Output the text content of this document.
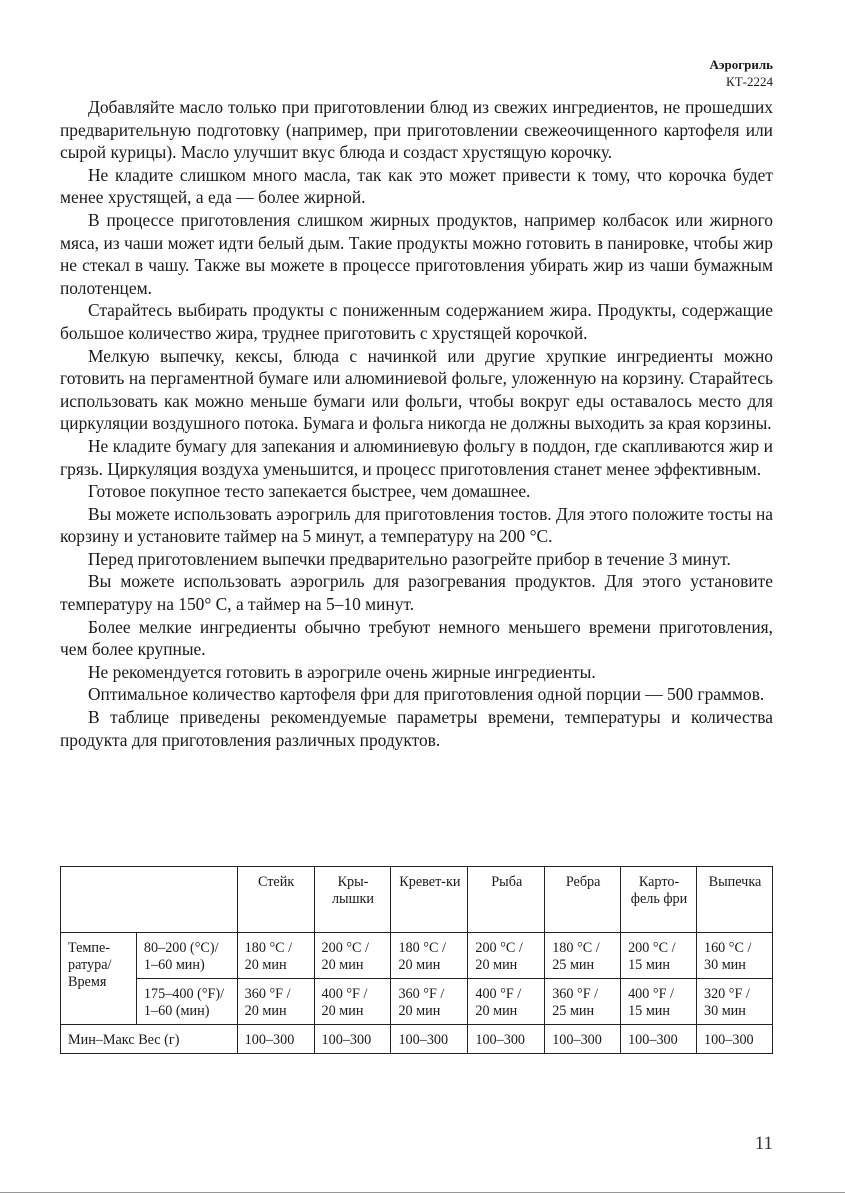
Аэрогриль
КТ-2224

Добавляйте масло только при приготовлении блюд из свежих ингредиентов, не прошедших предварительную подготовку (например, при приготовлении свежеочищенного картофеля или сырой курицы). Масло улучшит вкус блюда и создаст хрустящую корочку.

Не кладите слишком много масла, так как это может привести к тому, что корочка будет менее хрустящей, а еда — более жирной.

В процессе приготовления слишком жирных продуктов, например колбасок или жирного мяса, из чаши может идти белый дым. Такие продукты можно готовить в панировке, чтобы жир не стекал в чашу. Также вы можете в процессе приготовления убирать жир из чаши бумажным полотенцем.

Старайтесь выбирать продукты с пониженным содержанием жира. Продукты, содержащие большое количество жира, труднее приготовить с хрустящей корочкой.

Мелкую выпечку, кексы, блюда с начинкой или другие хрупкие ингредиенты можно готовить на пергаментной бумаге или алюминиевой фольге, уложенную на корзину. Старайтесь использовать как можно меньше бумаги или фольги, чтобы вокруг еды оставалось место для циркуляции воздушного потока. Бумага и фольга никогда не должны выходить за края корзины.

Не кладите бумагу для запекания и алюминиевую фольгу в поддон, где скапливаются жир и грязь. Циркуляция воздуха уменьшится, и процесс приготовления станет менее эффективным.

Готовое покупное тесто запекается быстрее, чем домашнее.

Вы можете использовать аэрогриль для приготовления тостов. Для этого положите тосты на корзину и установите таймер на 5 минут, а температуру на 200 °С.

Перед приготовлением выпечки предварительно разогрейте прибор в течение 3 минут.

Вы можете использовать аэрогриль для разогревания продуктов. Для этого установите температуру на 150° С, а таймер на 5–10 минут.

Более мелкие ингредиенты обычно требуют немного меньшего времени приготовления, чем более крупные.

Не рекомендуется готовить в аэрогриле очень жирные ингредиенты.

Оптимальное количество картофеля фри для приготовления одной порции — 500 граммов.

В таблице приведены рекомендуемые параметры времени, температуры и количества продукта для приготовления различных продуктов.

		Стейк	Кры-лышки	Кревет-ки	Рыба	Ребра	Карто-фель фри	Выпечка
Темпе-ратура/ Время	80–200 (°С)/ 1–60 мин)	180 °С / 20 мин	200 °С / 20 мин	180 °С / 20 мин	200 °С / 20 мин	180 °С / 25 мин	200 °С / 15 мин	160 °С / 30 мин
	175–400 (°F)/ 1–60 (мин)	360 °F / 20 мин	400 °F / 20 мин	360 °F / 20 мин	400 °F / 20 мин	360 °F / 25 мин	400 °F / 15 мин	320 °F / 30 мин
Мин–Макс Вес (г)		100–300	100–300	100–300	100–300	100–300	100–300	100–300
11
